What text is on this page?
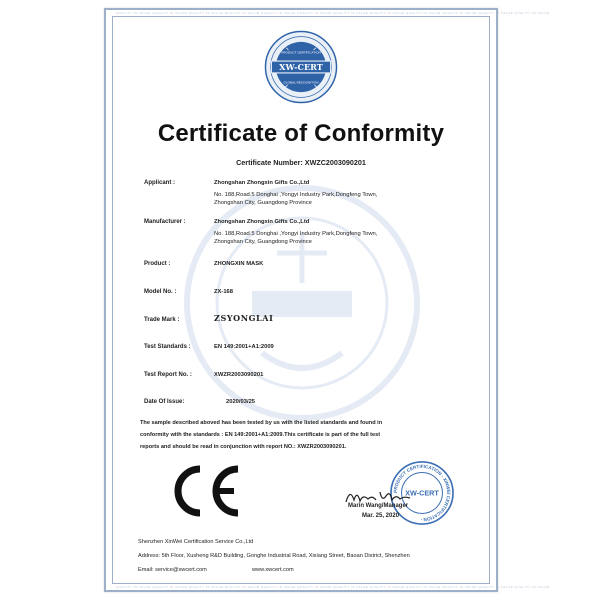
QUALITY IS VALUE QUALITY IS VALUE QUALITY IS VALUE QUALITY IS VALUE QUALITY IS VALUE QUALITY IS VALUE QUALITY IS VALUE QUALITY IS VALUE QUALITY IS VALUE QUALITY IS VALUE QUALITY IS VALUE QUALITY IS VALUE
QUALITY IS VALUE QUALITY IS VALUE QUALITY IS VALUE QUALITY IS VALUE QUALITY IS VALUE QUALITY IS VALUE QUALITY IS VALUE QUALITY IS VALUE QUALITY IS VALUE QUALITY IS VALUE QUALITY IS VALUE QUALITY IS VALUE
XW-CERT
PRODUCT CERTIFICATION
GLOBAL RECOGNITION
Certificate of Conformity
Certificate Number: XWZC2003090201
Applicant :	Zhongshan Zhongxin Gifts Co.,Ltd
No. 188,Road.5 Donghai ,Yongyi Industry Park,Dongfeng Town,
Zhongshan City, Guangdong Province
Manufacturer :	Zhongshan Zhongxin Gifts Co.,Ltd
No. 188,Road.5 Donghai ,Yongyi Industry Park,Dongfeng Town,
Zhongshan City, Guangdong Province
Product :	ZHONGXIN MASK
Model No. :	ZX-168
Trade Mark :	ZSYONGLAI
Test Standards :	EN 149:2001+A1:2009
Test Report No. :	XWZR2003090201
Date Of Issue:	2020/03/25
The sample described aboved has been tested by us with the listed standards and found in
conformity with the standards : EN 149:2001+A1:2009.This certificate is part of the full test
reports and should be read in conjunction with report NO.: XWZR2003090201.
PRODUCT CERTIFICATION · XINWEI CERTIFICATION ·
XW-CERT
Marin Wang/Manager
Mar. 25, 2020
Shenzhen XinWei Certification Service Co.,Ltd
Address: 5th Floor, Xusheng R&D Building, Gonghe Industrial Road, Xixiang Street, Baoan District, Shenzhen
Email: service@xwcert.com	www.xwcert.com
